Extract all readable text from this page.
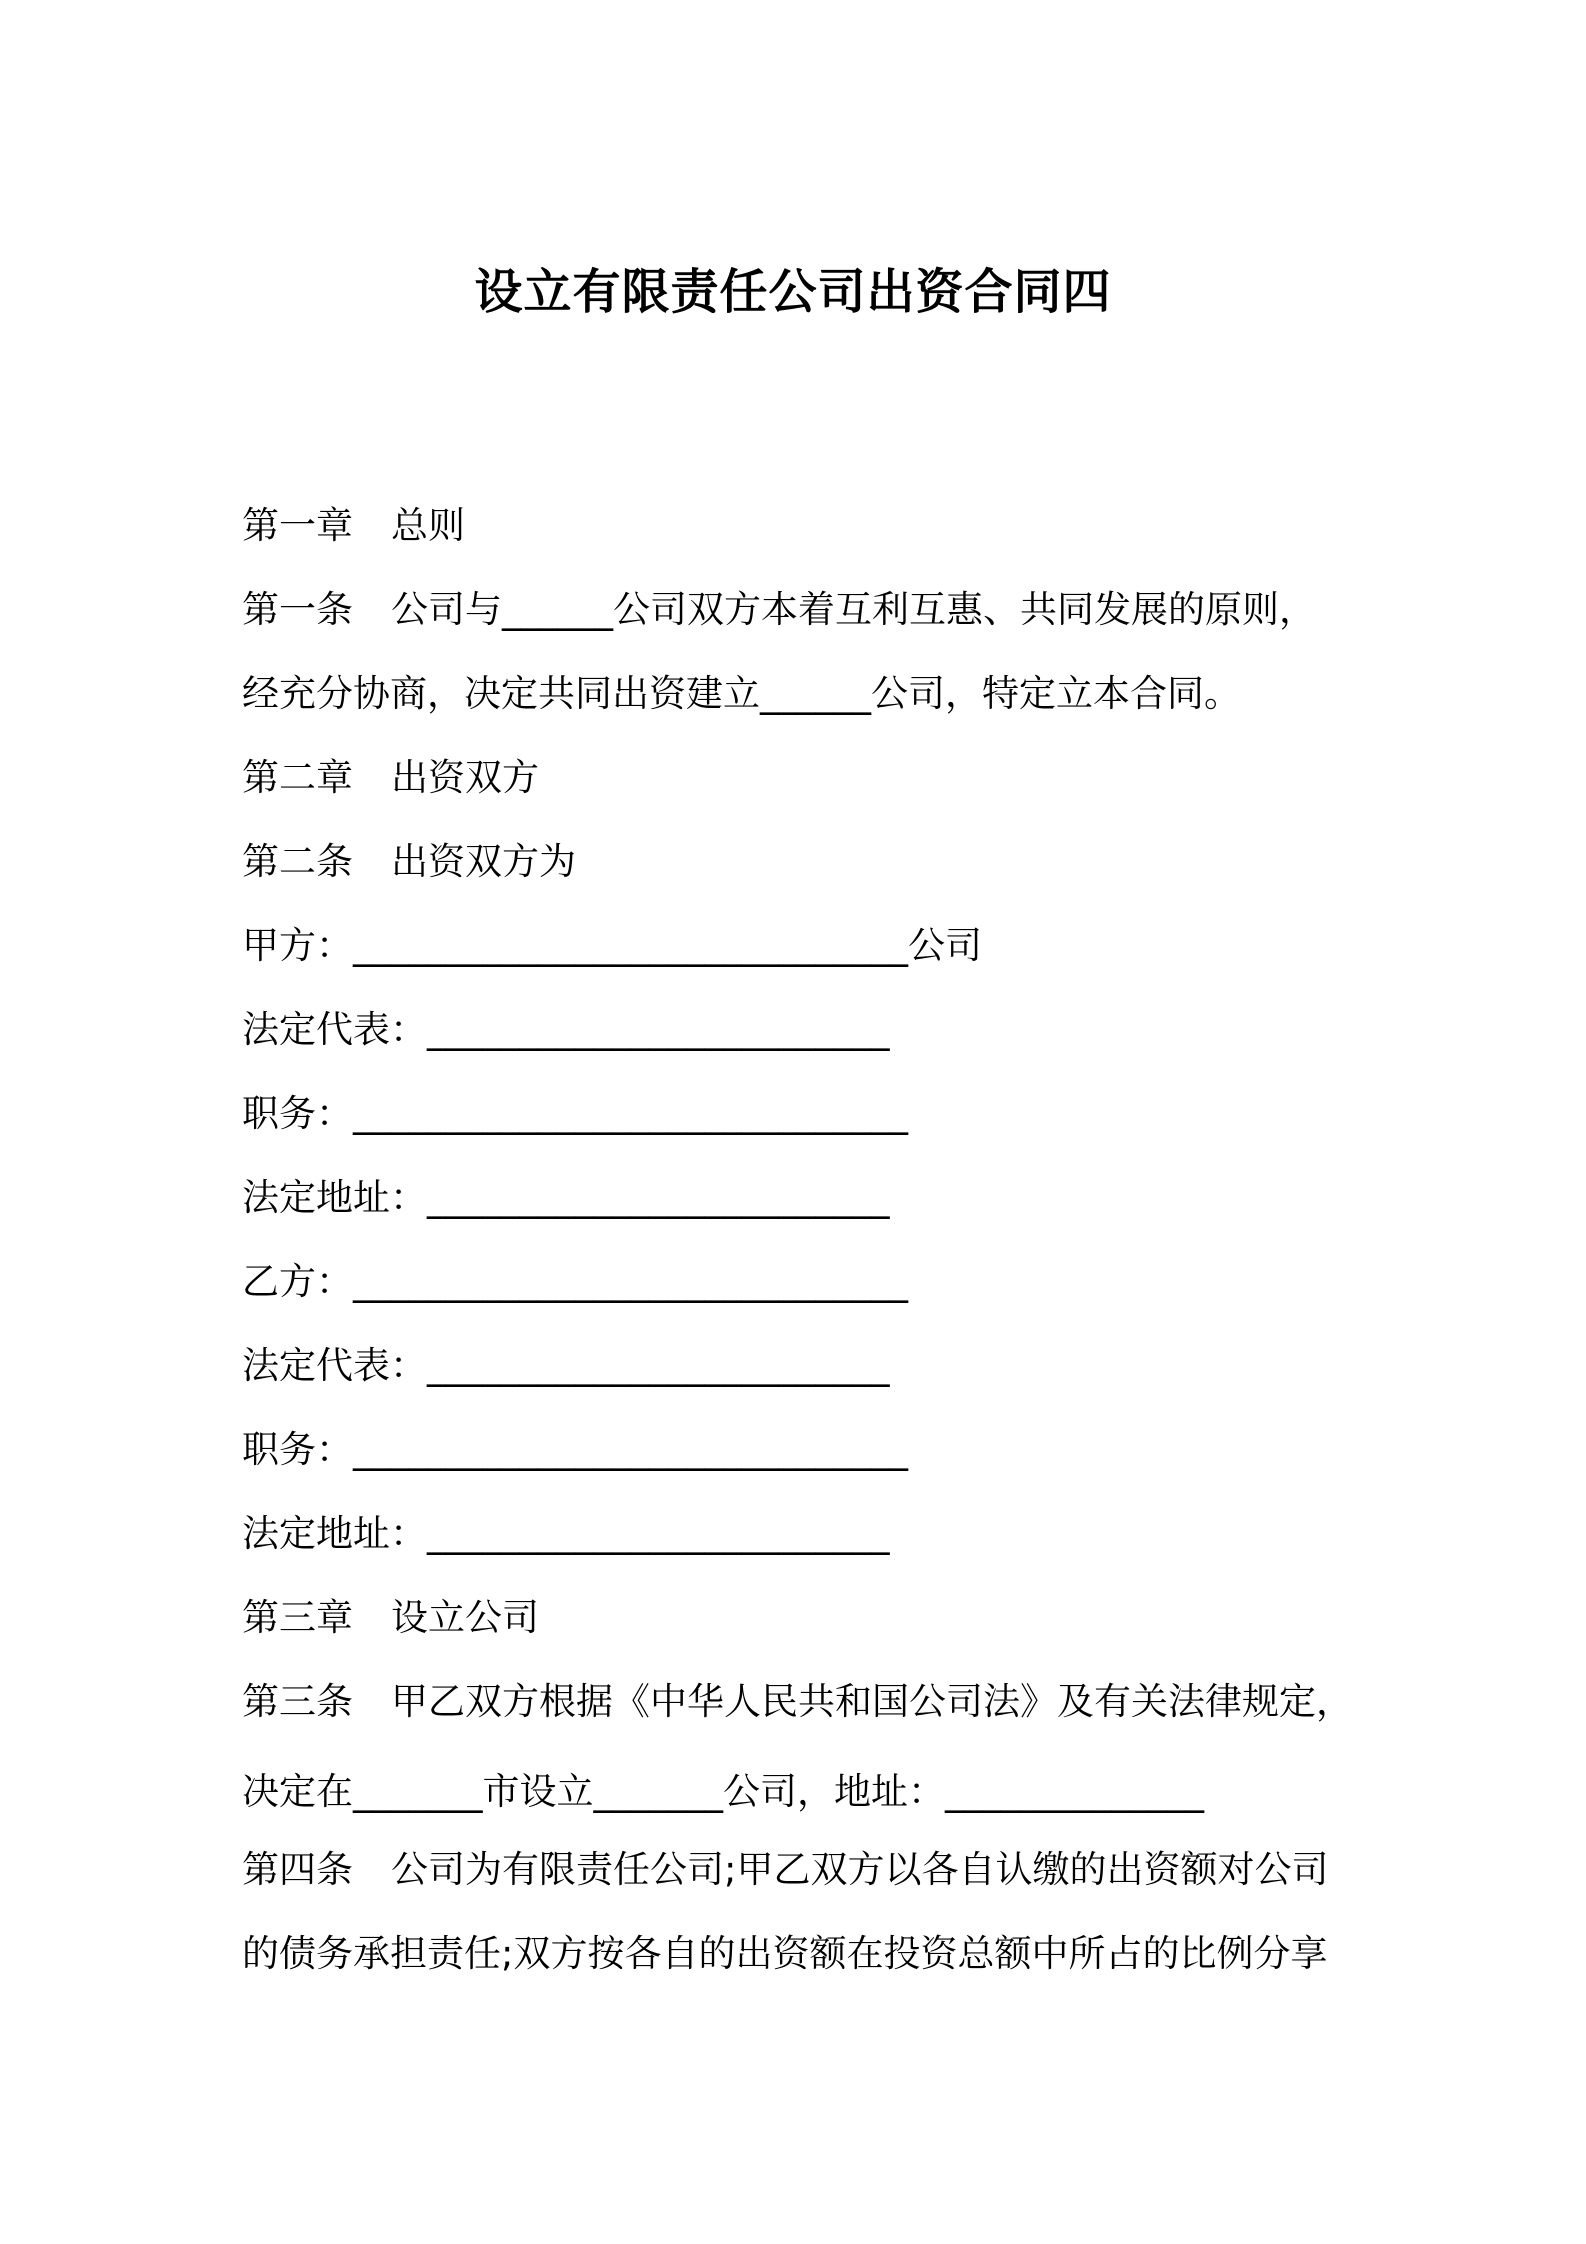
设立有限责任公司出资合同四
第一章 总则
第一条 公司与______公司双方本着互利互惠、共同发展的原则，
经充分协商，决定共同出资建立______公司，特定立本合同。
第二章 出资双方
第二条 出资双方为
甲方：______________________________公司
法定代表：_________________________
职务：______________________________
法定地址：_________________________
乙方：______________________________
法定代表：_________________________
职务：______________________________
法定地址：_________________________
第三章 设立公司
第三条 甲乙双方根据《中华人民共和国公司法》及有关法律规定，
决定在_______市设立_______公司，地址：______________
第四条 公司为有限责任公司;甲乙双方以各自认缴的出资额对公司
的债务承担责任;双方按各自的出资额在投资总额中所占的比例分享
